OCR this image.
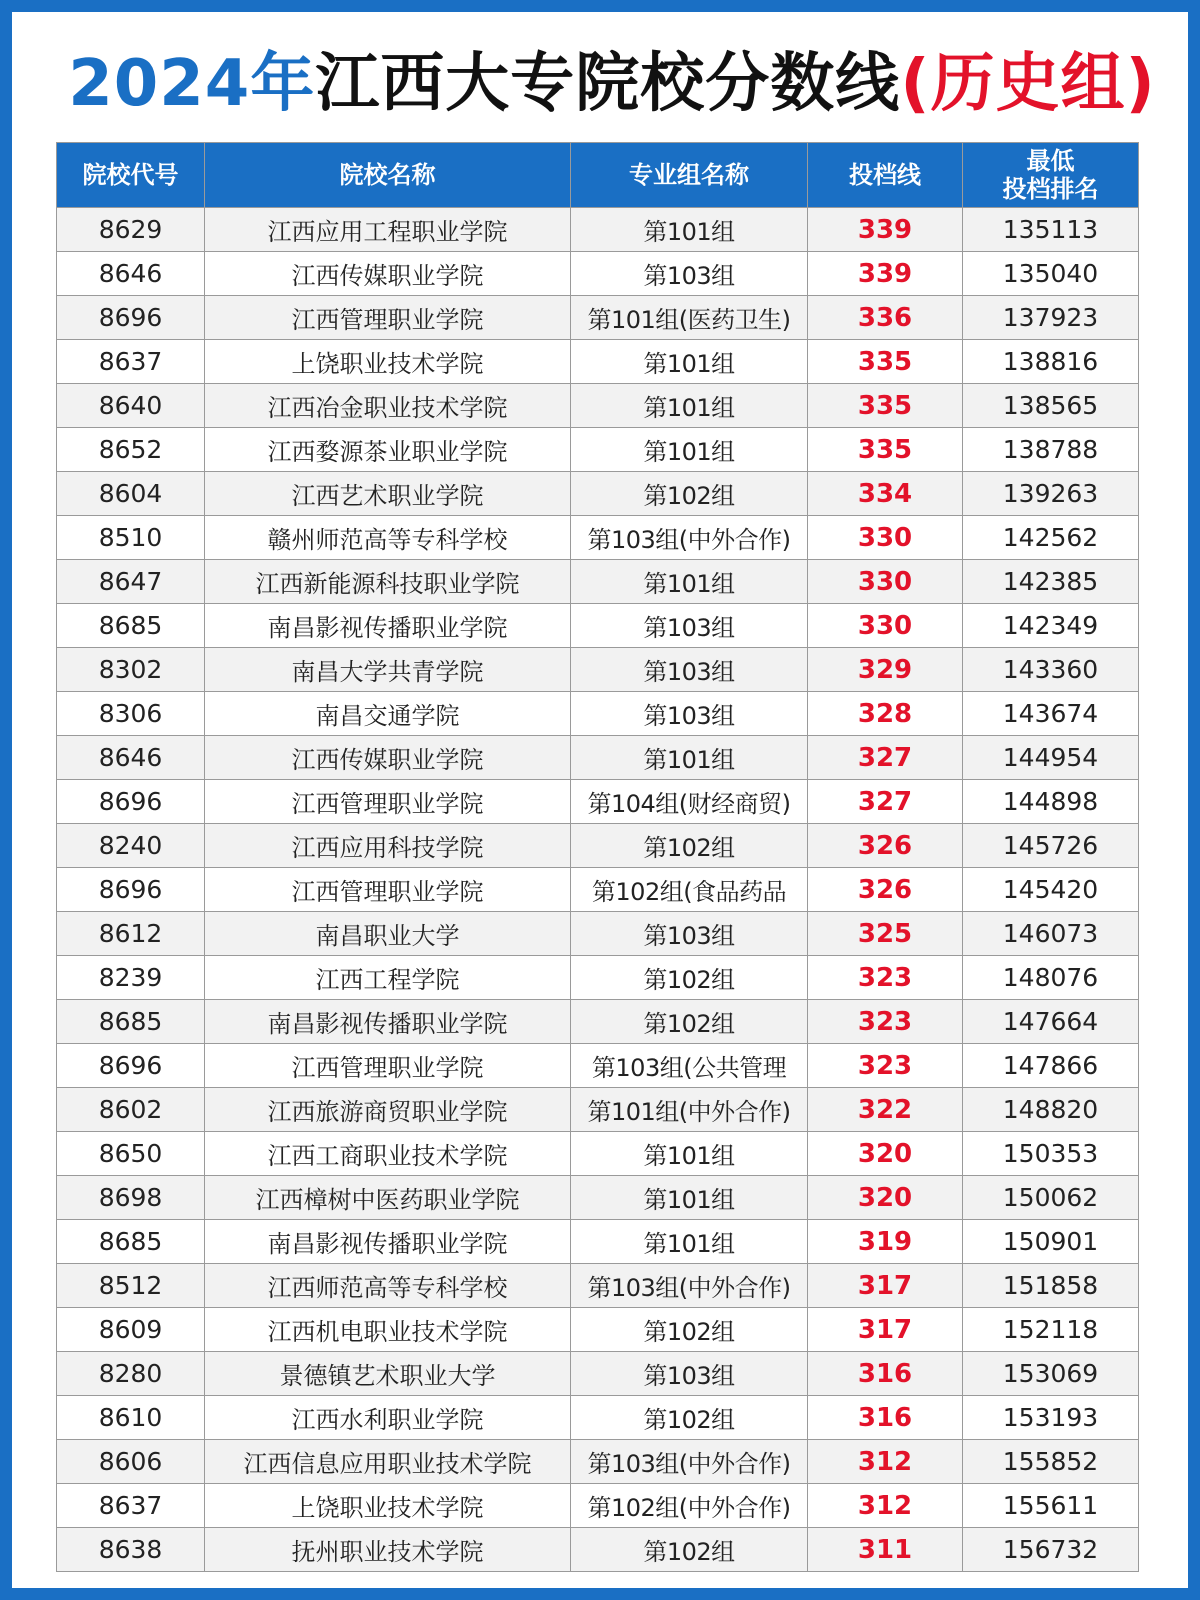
2024年江西大专院校分数线(历史组)
院校代号	院校名称	专业组名称	投档线	最低
投档排名
8629	江西应用工程职业学院	第101组	339	135113
8646	江西传媒职业学院	第103组	339	135040
8696	江西管理职业学院	第101组(医药卫生)	336	137923
8637	上饶职业技术学院	第101组	335	138816
8640	江西冶金职业技术学院	第101组	335	138565
8652	江西婺源茶业职业学院	第101组	335	138788
8604	江西艺术职业学院	第102组	334	139263
8510	赣州师范高等专科学校	第103组(中外合作)	330	142562
8647	江西新能源科技职业学院	第101组	330	142385
8685	南昌影视传播职业学院	第103组	330	142349
8302	南昌大学共青学院	第103组	329	143360
8306	南昌交通学院	第103组	328	143674
8646	江西传媒职业学院	第101组	327	144954
8696	江西管理职业学院	第104组(财经商贸)	327	144898
8240	江西应用科技学院	第102组	326	145726
8696	江西管理职业学院	第102组(食品药品	326	145420
8612	南昌职业大学	第103组	325	146073
8239	江西工程学院	第102组	323	148076
8685	南昌影视传播职业学院	第102组	323	147664
8696	江西管理职业学院	第103组(公共管理	323	147866
8602	江西旅游商贸职业学院	第101组(中外合作)	322	148820
8650	江西工商职业技术学院	第101组	320	150353
8698	江西樟树中医药职业学院	第101组	320	150062
8685	南昌影视传播职业学院	第101组	319	150901
8512	江西师范高等专科学校	第103组(中外合作)	317	151858
8609	江西机电职业技术学院	第102组	317	152118
8280	景德镇艺术职业大学	第103组	316	153069
8610	江西水利职业学院	第102组	316	153193
8606	江西信息应用职业技术学院	第103组(中外合作)	312	155852
8637	上饶职业技术学院	第102组(中外合作)	312	155611
8638	抚州职业技术学院	第102组	311	156732
